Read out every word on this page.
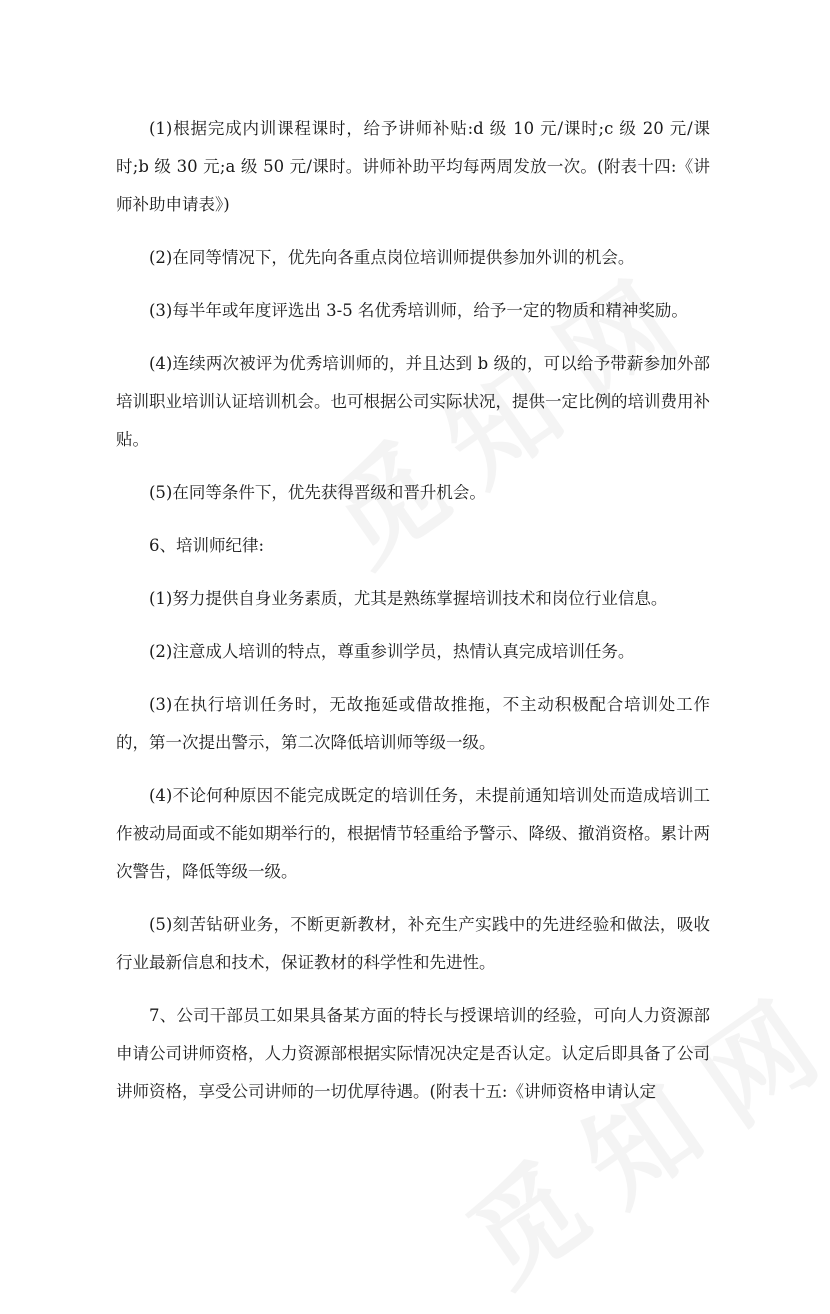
(1)根据完成内训课程课时，给予讲师补贴:d 级 10 元/课时;c 级 20 元/课时;b 级 30 元;a 级 50 元/课时。讲师补助平均每两周发放一次。(附表十四:《讲师补助申请表》)

(2)在同等情况下，优先向各重点岗位培训师提供参加外训的机会。

(3)每半年或年度评选出 3-5 名优秀培训师，给予一定的物质和精神奖励。

(4)连续两次被评为优秀培训师的，并且达到 b 级的，可以给予带薪参加外部培训职业培训认证培训机会。也可根据公司实际状况，提供一定比例的培训费用补贴。

(5)在同等条件下，优先获得晋级和晋升机会。

6、培训师纪律:

(1)努力提供自身业务素质，尤其是熟练掌握培训技术和岗位行业信息。

(2)注意成人培训的特点，尊重参训学员，热情认真完成培训任务。

(3)在执行培训任务时，无故拖延或借故推拖，不主动积极配合培训处工作的，第一次提出警示，第二次降低培训师等级一级。

(4)不论何种原因不能完成既定的培训任务，未提前通知培训处而造成培训工作被动局面或不能如期举行的，根据情节轻重给予警示、降级、撤消资格。累计两次警告，降低等级一级。

(5)刻苦钻研业务，不断更新教材，补充生产实践中的先进经验和做法，吸收行业最新信息和技术，保证教材的科学性和先进性。

7、公司干部员工如果具备某方面的特长与授课培训的经验，可向人力资源部申请公司讲师资格，人力资源部根据实际情况决定是否认定。认定后即具备了公司讲师资格，享受公司讲师的一切优厚待遇。(附表十五:《讲师资格申请认定
